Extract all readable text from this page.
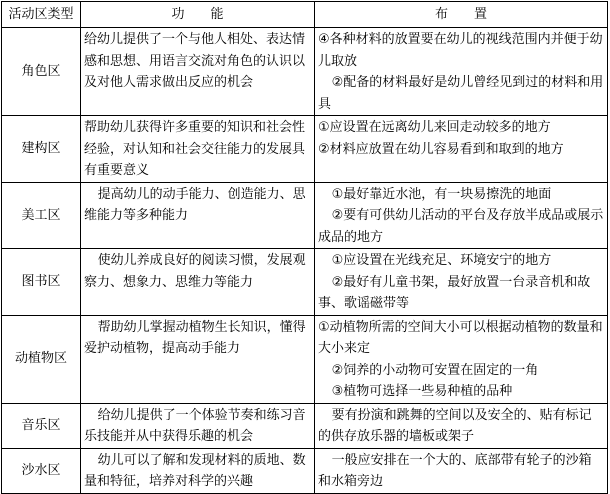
活动区类型	功　　能	布　　置
角色区	给幼儿提供了一个与他人相处、表达情感和思想、用语言交流对角色的认识以及对他人需求做出反应的机会	④各种材料的放置要在幼儿的视线范围内并便于幼儿取放
②配备的材料最好是幼儿曾经见到过的材料和用具

建构区	帮助幼儿获得许多重要的知识和社会性经验，对认知和社会交往能力的发展具有重要意义	①应设置在远离幼儿来回走动较多的地方
②材料应放置在幼儿容易看到和取到的地方

美工区	提高幼儿的动手能力、创造能力、思维能力等多种能力	①最好靠近水池，有一块易擦洗的地面
②要有可供幼儿活动的平台及存放半成品或展示成品的地方

图书区	使幼儿养成良好的阅读习惯，发展观察力、想象力、思维力等能力	①应设置在光线充足、环境安宁的地方
②最好有儿童书架，最好放置一台录音机和故事、歌谣磁带等

动植物区	帮助幼儿掌握动植物生长知识，懂得爱护动植物，提高动手能力	①动植物所需的空间大小可以根据动植物的数量和大小来定
②饲养的小动物可安置在固定的一角
③植物可选择一些易种植的品种

音乐区	给幼儿提供了一个体验节奏和练习音乐技能并从中获得乐趣的机会	要有扮演和跳舞的空间以及安全的、贴有标记的供存放乐器的墙板或架子

沙水区	幼儿可以了解和发现材料的质地、数量和特征，培养对科学的兴趣	一般应安排在一个大的、底部带有轮子的沙箱和水箱旁边
